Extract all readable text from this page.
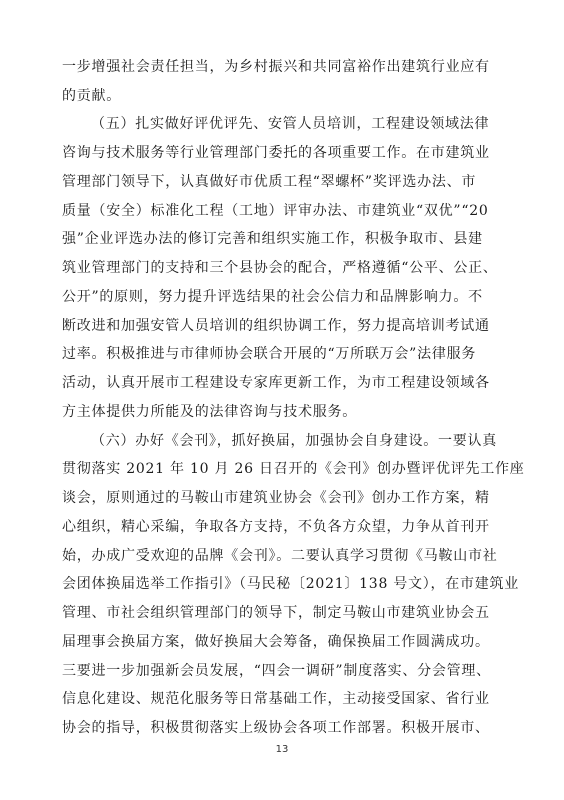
一步增强社会责任担当，为乡村振兴和共同富裕作出建筑行业应有
的贡献。
（五）扎实做好评优评先、安管人员培训，工程建设领域法律
咨询与技术服务等行业管理部门委托的各项重要工作。在市建筑业
管理部门领导下，认真做好市优质工程“翠螺杯”奖评选办法、市
质量（安全）标准化工程（工地）评审办法、市建筑业“双优”“20
强”企业评选办法的修订完善和组织实施工作，积极争取市、县建
筑业管理部门的支持和三个县协会的配合，严格遵循“公平、公正、
公开”的原则，努力提升评选结果的社会公信力和品牌影响力。不
断改进和加强安管人员培训的组织协调工作，努力提高培训考试通
过率。积极推进与市律师协会联合开展的“万所联万会”法律服务
活动，认真开展市工程建设专家库更新工作，为市工程建设领域各
方主体提供力所能及的法律咨询与技术服务。
（六）办好《会刊》，抓好换届，加强协会自身建设。一要认真
贯彻落实 2021 年 10 月 26 日召开的《会刊》创办暨评优评先工作座
谈会，原则通过的马鞍山市建筑业协会《会刊》创办工作方案，精
心组织，精心采编，争取各方支持，不负各方众望，力争从首刊开
始，办成广受欢迎的品牌《会刊》。二要认真学习贯彻《马鞍山市社
会团体换届选举工作指引》（马民秘〔2021〕138 号文），在市建筑业
管理、市社会组织管理部门的领导下，制定马鞍山市建筑业协会五
届理事会换届方案，做好换届大会筹备，确保换届工作圆满成功。
三要进一步加强新会员发展，“四会一调研”制度落实、分会管理、
信息化建设、规范化服务等日常基础工作，主动接受国家、省行业
协会的指导，积极贯彻落实上级协会各项工作部署。积极开展市、
13
